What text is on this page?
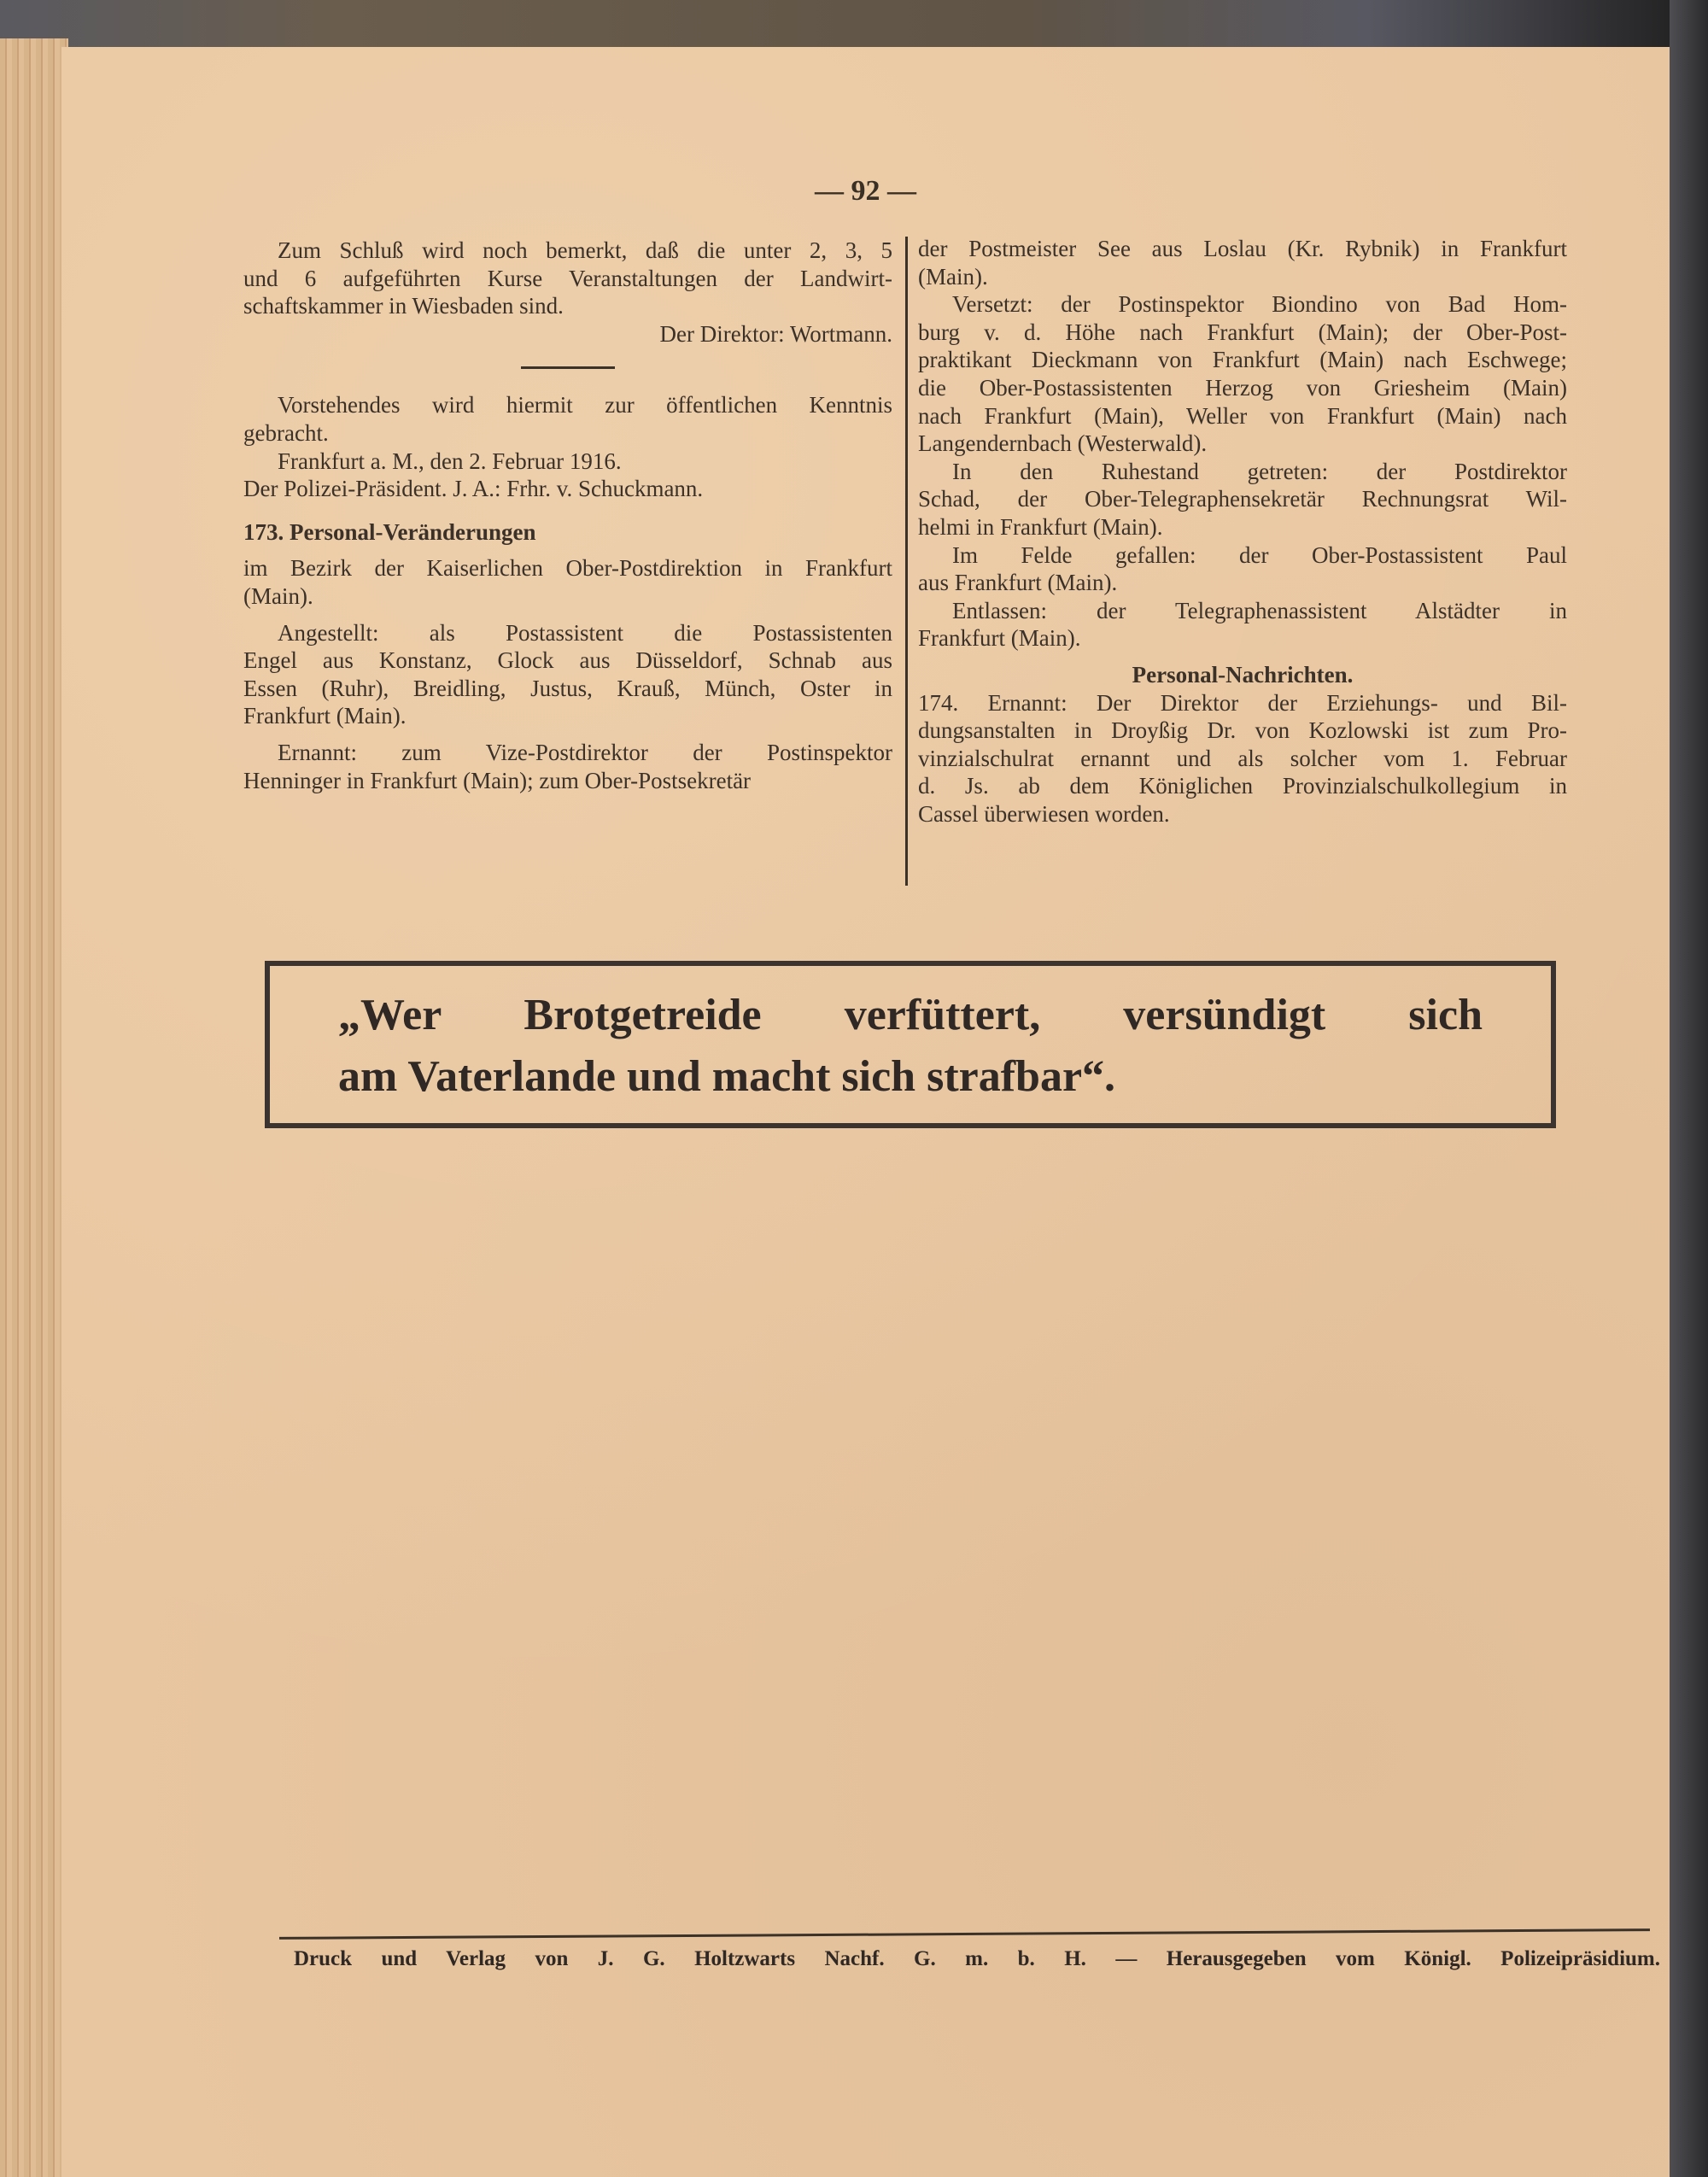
— 92 —
Zum Schluß wird noch bemerkt, daß die unter 2, 3, 5
und 6 aufgeführten Kurse Veranstaltungen der Landwirt-
schaftskammer in Wiesbaden sind.
Der Direktor: Wortmann.
Vorstehendes wird hiermit zur öffentlichen Kenntnis
gebracht.
Frankfurt a. M., den 2. Februar 1916.
Der Polizei-Präsident. J. A.: Frhr. v. Schuckmann.
173. Personal-Veränderungen
im Bezirk der Kaiserlichen Ober-Postdirektion in Frankfurt
(Main).
Angestellt: als Postassistent die Postassistenten
Engel aus Konstanz, Glock aus Düsseldorf, Schnab aus
Essen (Ruhr), Breidling, Justus, Krauß, Münch, Oster in
Frankfurt (Main).
Ernannt: zum Vize-Postdirektor der Postinspektor
Henninger in Frankfurt (Main); zum Ober-Postsekretär
der Postmeister See aus Loslau (Kr. Rybnik) in Frankfurt
(Main).
Versetzt: der Postinspektor Biondino von Bad Hom-
burg v. d. Höhe nach Frankfurt (Main); der Ober-Post-
praktikant Dieckmann von Frankfurt (Main) nach Eschwege;
die Ober-Postassistenten Herzog von Griesheim (Main)
nach Frankfurt (Main), Weller von Frankfurt (Main) nach
Langendernbach (Westerwald).
In den Ruhestand getreten: der Postdirektor
Schad, der Ober-Telegraphensekretär Rechnungsrat Wil-
helmi in Frankfurt (Main).
Im Felde gefallen: der Ober-Postassistent Paul
aus Frankfurt (Main).
Entlassen: der Telegraphenassistent Alstädter in
Frankfurt (Main).
Personal-Nachrichten.
174. Ernannt: Der Direktor der Erziehungs- und Bil-
dungsanstalten in Droyßig Dr. von Kozlowski ist zum Pro-
vinzialschulrat ernannt und als solcher vom 1. Februar
d. Js. ab dem Königlichen Provinzialschulkollegium in
Cassel überwiesen worden.
„Wer Brotgetreide verfüttert, versündigt sich
am Vaterlande und macht sich strafbar“.
Druck und Verlag von J. G. Holtzwarts Nachf. G. m. b. H. — Herausgegeben vom Königl. Polizeipräsidium.
